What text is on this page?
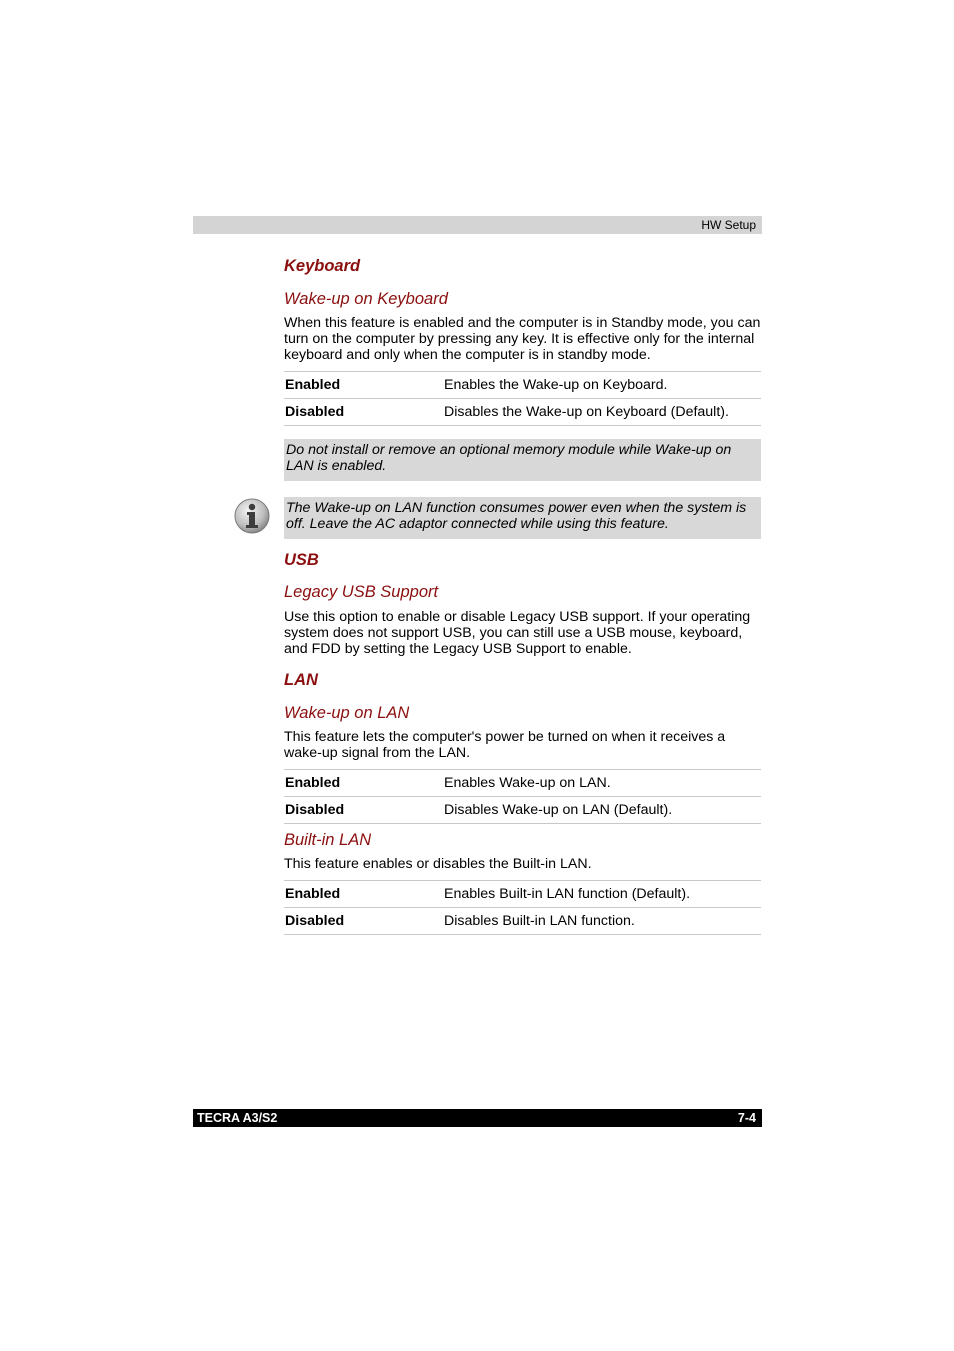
HW Setup
Keyboard
Wake-up on Keyboard

When this feature is enabled and the computer is in Standby mode, you can turn on the computer by pressing any key. It is effective only for the internal keyboard and only when the computer is in standby mode.

Enabled	Enables the Wake-up on Keyboard.
Disabled	Disables the Wake-up on Keyboard (Default).
Do not install or remove an optional memory module while Wake-up on LAN is enabled.
The Wake-up on LAN function consumes power even when the system is off. Leave the AC adaptor connected while using this feature.
USB
Legacy USB Support

Use this option to enable or disable Legacy USB support. If your operating system does not support USB, you can still use a USB mouse, keyboard, and FDD by setting the Legacy USB Support to enable.

LAN
Wake-up on LAN

This feature lets the computer's power be turned on when it receives a wake-up signal from the LAN.

Enabled	Enables Wake-up on LAN.
Disabled	Disables Wake-up on LAN (Default).
Built-in LAN

This feature enables or disables the Built-in LAN.

Enabled	Enables Built-in LAN function (Default).
Disabled	Disables Built-in LAN function.
TECRA A3/S2	7-4
